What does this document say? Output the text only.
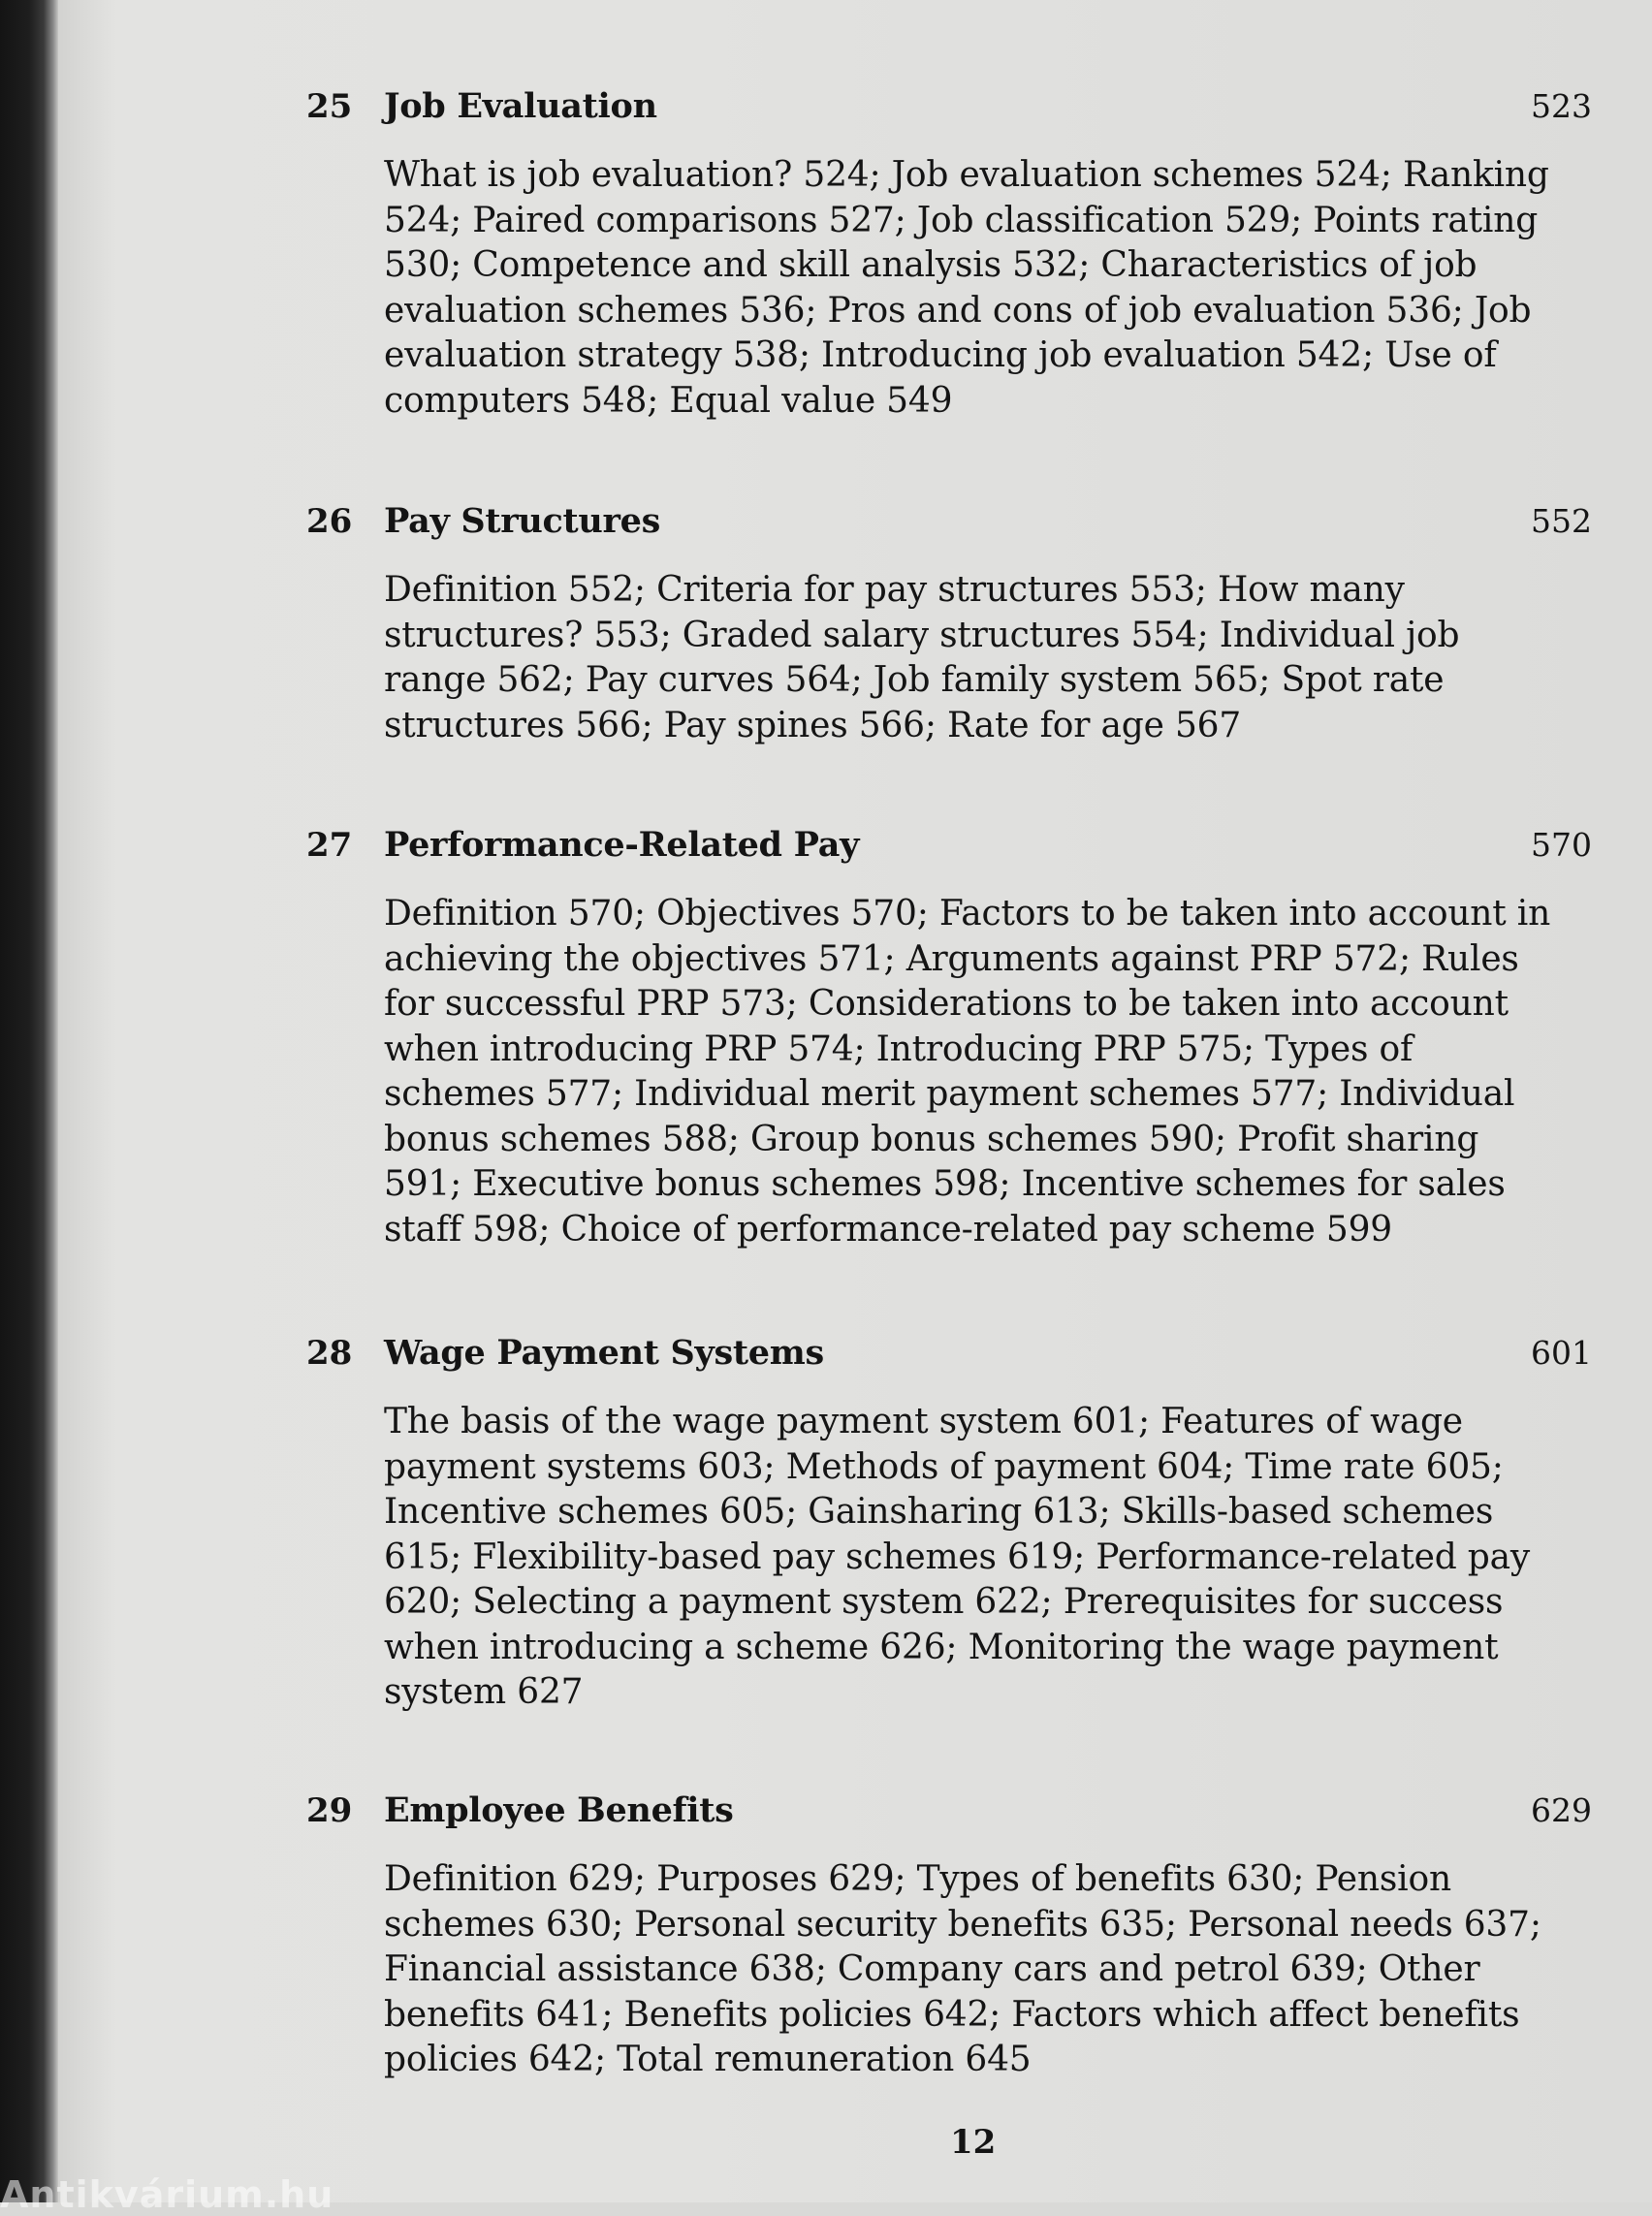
25 Job Evaluation	523
What is job evaluation? 524; Job evaluation schemes 524; Ranking
524; Paired comparisons 527; Job classification 529; Points rating
530; Competence and skill analysis 532; Characteristics of job
evaluation schemes 536; Pros and cons of job evaluation 536; Job
evaluation strategy 538; Introducing job evaluation 542; Use of
computers 548; Equal value 549
26 Pay Structures	552
Definition 552; Criteria for pay structures 553; How many
structures? 553; Graded salary structures 554; Individual job
range 562; Pay curves 564; Job family system 565; Spot rate
structures 566; Pay spines 566; Rate for age 567
27 Performance-Related Pay	570
Definition 570; Objectives 570; Factors to be taken into account in
achieving the objectives 571; Arguments against PRP 572; Rules
for successful PRP 573; Considerations to be taken into account
when introducing PRP 574; Introducing PRP 575; Types of
schemes 577; Individual merit payment schemes 577; Individual
bonus schemes 588; Group bonus schemes 590; Profit sharing
591; Executive bonus schemes 598; Incentive schemes for sales
staff 598; Choice of performance-related pay scheme 599
28 Wage Payment Systems	601
The basis of the wage payment system 601; Features of wage
payment systems 603; Methods of payment 604; Time rate 605;
Incentive schemes 605; Gainsharing 613; Skills-based schemes
615; Flexibility-based pay schemes 619; Performance-related pay
620; Selecting a payment system 622; Prerequisites for success
when introducing a scheme 626; Monitoring the wage payment
system 627
29 Employee Benefits	629
Definition 629; Purposes 629; Types of benefits 630; Pension
schemes 630; Personal security benefits 635; Personal needs 637;
Financial assistance 638; Company cars and petrol 639; Other
benefits 641; Benefits policies 642; Factors which affect benefits
policies 642; Total remuneration 645
12
Antikvárium.hu
